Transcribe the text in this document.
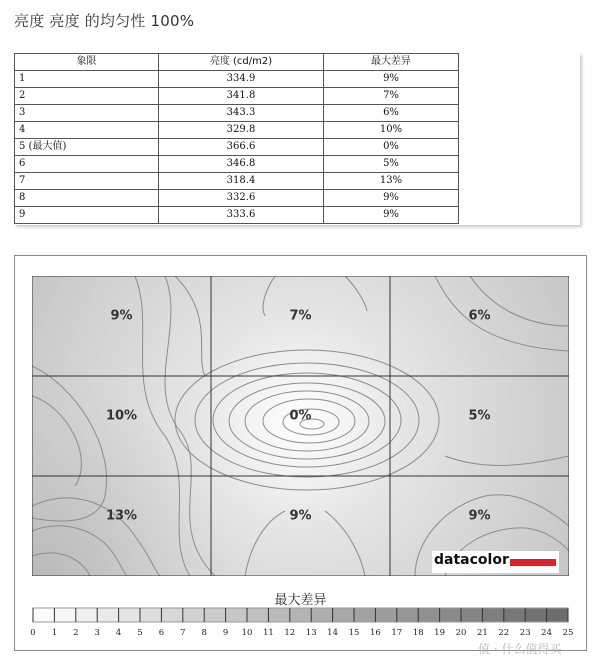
亮度 亮度 的均匀性 100%
象限	亮度 (cd/m2)	最大差异
1	334.9	9%
2	341.8	7%
3	343.3	6%
4	329.8	10%
5 (最大值)	366.6	0%
6	346.8	5%
7	318.4	13%
8	332.6	9%
9	333.6	9%
9%	7%	6%
10%	0%	5%
13%	9%	9%
0 1 2 3 4 5 6 7 8 9 10 11 12 13 14 15 16 17 18 19 20 21 22 23 24 25
datacolor
最大差异
值 · 什么值得买
